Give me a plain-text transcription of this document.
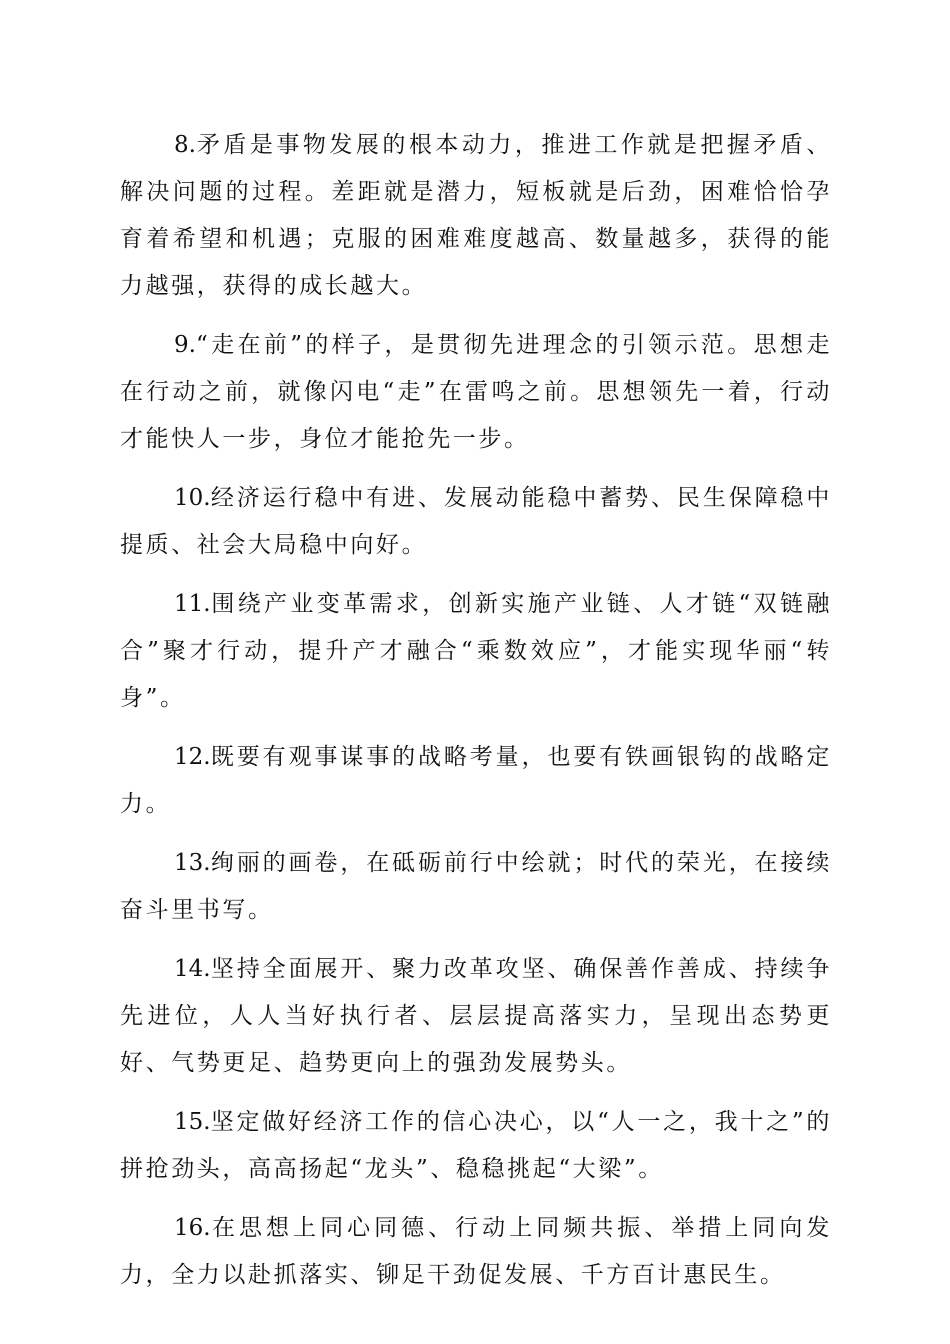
8.矛盾是事物发展的根本动力，推进工作就是把握矛盾、解决问题的过程。差距就是潜力，短板就是后劲，困难恰恰孕育着希望和机遇；克服的困难难度越高、数量越多，获得的能力越强，获得的成长越大。

9.“走在前”的样子，是贯彻先进理念的引领示范。思想走在行动之前，就像闪电“走”在雷鸣之前。思想领先一着，行动才能快人一步，身位才能抢先一步。

10.经济运行稳中有进、发展动能稳中蓄势、民生保障稳中提质、社会大局稳中向好。

11.围绕产业变革需求，创新实施产业链、人才链“双链融合”聚才行动，提升产才融合“乘数效应”，才能实现华丽“转身”。

12.既要有观事谋事的战略考量，也要有铁画银钩的战略定力。

13.绚丽的画卷，在砥砺前行中绘就；时代的荣光，在接续奋斗里书写。

14.坚持全面展开、聚力改革攻坚、确保善作善成、持续争先进位，人人当好执行者、层层提高落实力，呈现出态势更好、气势更足、趋势更向上的强劲发展势头。

15.坚定做好经济工作的信心决心，以“人一之，我十之”的拼抢劲头，高高扬起“龙头”、稳稳挑起“大梁”。

16.在思想上同心同德、行动上同频共振、举措上同向发力，全力以赴抓落实、铆足干劲促发展、千方百计惠民生。
